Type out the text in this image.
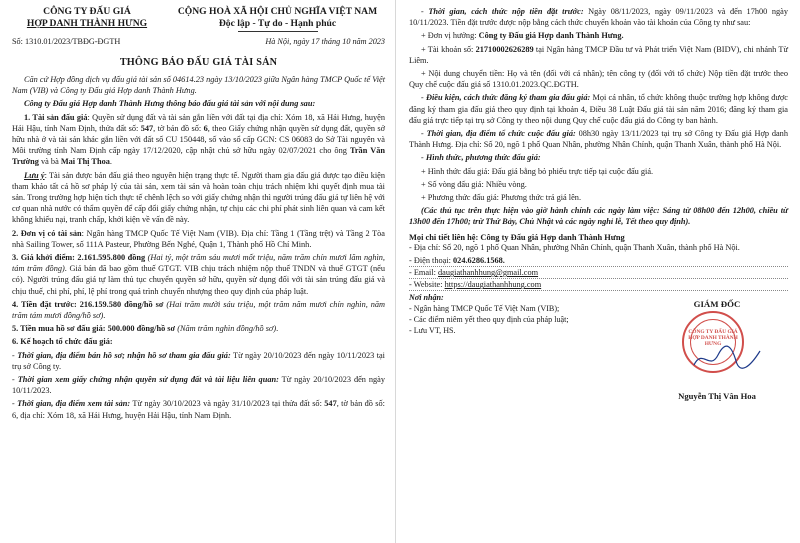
CÔNG TY ĐẤU GIÁ
HỢP DANH THÀNH HƯNG
CỘNG HOÀ XÃ HỘI CHỦ NGHĨA VIỆT NAM
Độc lập - Tự do - Hạnh phúc
Số: 1310.01/2023/TBĐG-ĐGTH	Hà Nội, ngày 17 tháng 10 năm 2023
THÔNG BÁO ĐẤU GIÁ TÀI SẢN

Căn cứ Hợp đồng dịch vụ đấu giá tài sản số 04614.23 ngày 13/10/2023 giữa Ngân hàng TMCP Quốc tế Việt Nam (VIB) và Công ty Đấu giá Hợp danh Thành Hưng.

Công ty Đấu giá Hợp danh Thành Hưng thông báo đấu giá tài sản với nội dung sau:

1. Tài sản đấu giá: Quyền sử dụng đất và tài sản gắn liền với đất tại địa chỉ: Xóm 18, xã Hải Hưng, huyện Hải Hậu, tỉnh Nam Định, thửa đất số: 547, tờ bản đồ số: 6, theo Giấy chứng nhận quyền sử dụng đất, quyền sở hữu nhà ở và tài sản khác gắn liền với đất số CU 150448, số vào sổ cấp GCN: CS 06083 do Sở Tài nguyên và Môi trường tỉnh Nam Định cấp ngày 17/12/2020, cập nhật chủ sở hữu ngày 02/07/2021 cho ông Trần Văn Trường và bà Mai Thị Thoa.

Lưu ý: Tài sản được bán đấu giá theo nguyên hiện trạng thực tế. Người tham gia đấu giá được tạo điều kiện tham khảo tất cả hồ sơ pháp lý của tài sản, xem tài sản và hoàn toàn chịu trách nhiệm khi quyết định mua tài sản. Trong trường hợp hiện tích thực tế chênh lệch so với giấy chứng nhận thì người trúng đấu giá tự liên hệ với cơ quan nhà nước có thẩm quyền để cấp đổi giấy chứng nhận, tự chịu các chi phí phát sinh liên quan và cam kết không khiếu nại, tranh chấp, khởi kiện về vấn đề này.

2. Đơn vị có tài sản: Ngân hàng TMCP Quốc Tế Việt Nam (VIB). Địa chỉ: Tầng 1 (Tầng trệt) và Tầng 2 Tòa nhà Sailing Tower, số 111A Pasteur, Phường Bến Nghé, Quận 1, Thành phố Hồ Chí Minh.

3. Giá khởi điểm: 2.161.595.800 đồng (Hai tỷ, một trăm sáu mươi mốt triệu, năm trăm chín mươi lăm nghìn, tám trăm đồng). Giá bán đã bao gồm thuế GTGT. VIB chịu trách nhiệm nộp thuế TNDN và thuế GTGT (nếu có). Người trúng đấu giá tự làm thủ tục chuyển quyền sở hữu, quyền sử dụng đối với tài sản trúng đấu giá và chịu thuế, chi phí, phí, lệ phí trong quá trình chuyển nhượng theo quy định của pháp luật.

4. Tiền đặt trước: 216.159.580 đồng/hồ sơ (Hai trăm mười sáu triệu, một trăm năm mươi chín nghìn, năm trăm tám mươi đồng/hồ sơ).

5. Tiền mua hồ sơ đấu giá: 500.000 đồng/hồ sơ (Năm trăm nghìn đồng/hồ sơ).

6. Kế hoạch tổ chức đấu giá:

- Thời gian, địa điểm bán hồ sơ; nhận hồ sơ tham gia đấu giá: Từ ngày 20/10/2023 đến ngày 10/11/2023 tại trụ sở Công ty.

- Thời gian xem giấy chứng nhận quyền sử dụng đất và tài liệu liên quan: Từ ngày 20/10/2023 đến ngày 10/11/2023.

- Thời gian, địa điểm xem tài sản: Từ ngày 30/10/2023 và ngày 31/10/2023 tại thửa đất số: 547, tờ bản đồ số: 6, địa chỉ: Xóm 18, xã Hải Hưng, huyện Hải Hậu, tỉnh Nam Định.

- Thời gian, cách thức nộp tiền đặt trước: Ngày 08/11/2023, ngày 09/11/2023 và đến 17h00 ngày 10/11/2023. Tiền đặt trước được nộp bằng cách thức chuyển khoản vào tài khoản của Công ty như sau:

+ Đơn vị hưởng: Công ty Đấu giá Hợp danh Thành Hưng.

+ Tài khoản số: 21710002626289 tại Ngân hàng TMCP Đầu tư và Phát triển Việt Nam (BIDV), chi nhánh Từ Liêm.

+ Nội dung chuyển tiền: Họ và tên (đối với cá nhân); tên công ty (đối với tổ chức) Nộp tiền đặt trước theo Quy chế cuộc đấu giá số 1310.01.2023.QC.ĐGTH.

- Điều kiện, cách thức đăng ký tham gia đấu giá: Mọi cá nhân, tổ chức không thuộc trường hợp không được đăng ký tham gia đấu giá theo quy định tại khoản 4, Điều 38 Luật Đấu giá tài sản năm 2016; đăng ký tham gia đấu giá trực tiếp tại trụ sở Công ty theo nội dung Quy chế cuộc đấu giá do Công ty ban hành.

- Thời gian, địa điểm tổ chức cuộc đấu giá: 08h30 ngày 13/11/2023 tại trụ sở Công ty Đấu giá Hợp danh Thành Hưng. Địa chỉ: Số 20, ngõ 1 phố Quan Nhân, phường Nhân Chính, quận Thanh Xuân, thành phố Hà Nội.

- Hình thức, phương thức đấu giá:

+ Hình thức đấu giá: Đấu giá bằng bỏ phiếu trực tiếp tại cuộc đấu giá.

+ Số vòng đấu giá: Nhiều vòng.

+ Phương thức đấu giá: Phương thức trả giá lên.

(Các thủ tục trên thực hiện vào giờ hành chính các ngày làm việc: Sáng từ 08h00 đến 12h00, chiều từ 13h00 đến 17h00; trừ Thứ Bảy, Chủ Nhật và các ngày nghỉ lễ, Tết theo quy định).

Mọi chi tiết liên hệ: Công ty Đấu giá Hợp danh Thành Hưng

- Địa chỉ: Số 20, ngõ 1 phố Quan Nhân, phường Nhân Chính, quận Thanh Xuân, thành phố Hà Nội.

- Điện thoại: 024.6286.1568.
- Email: daugiathanhhung@gmail.com
- Website: https://daugiathanhhung.com
Nơi nhận:
- Ngân hàng TMCP Quốc Tế Việt Nam (VIB);
- Các điểm niêm yết theo quy định của pháp luật;
- Lưu VT, HS.
GIÁM ĐỐC
CÔNG TY ĐẤU GIÁ HỢP DANH THÀNH HƯNG
Nguyễn Thị Vân Hoa
